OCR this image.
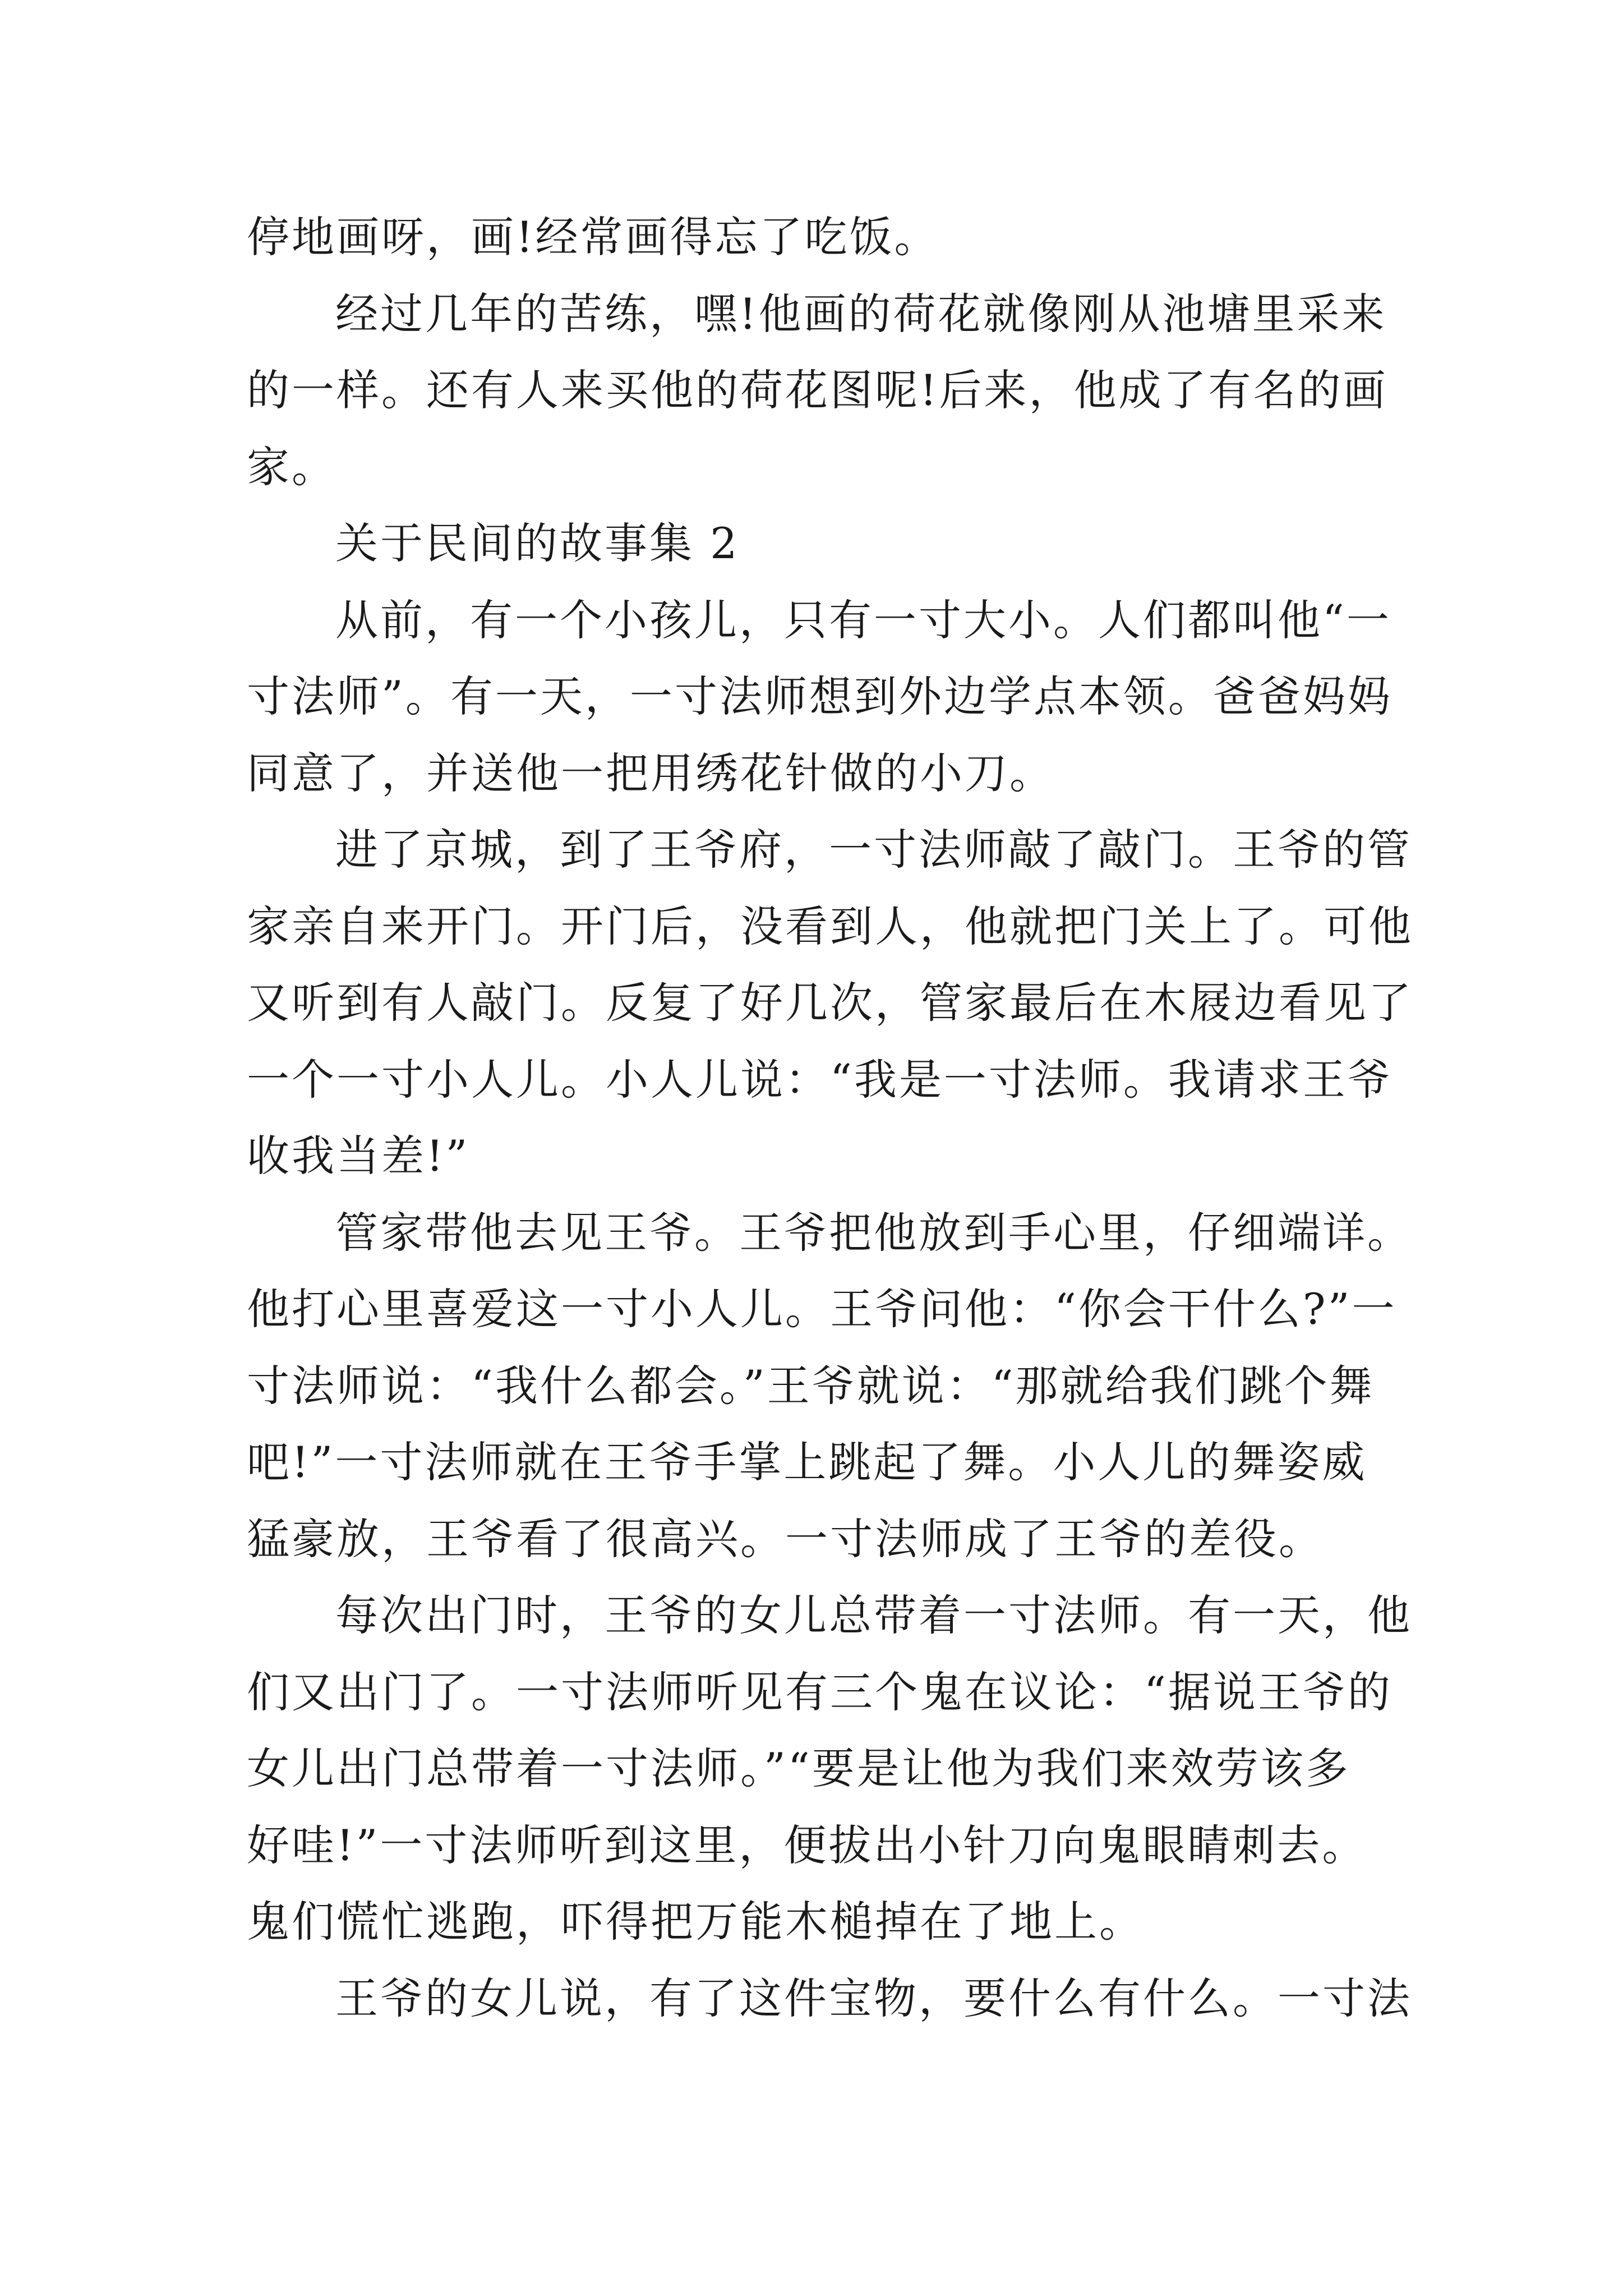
停地画呀，画!经常画得忘了吃饭。
经过几年的苦练，嘿!他画的荷花就像刚从池塘里采来
的一样。还有人来买他的荷花图呢!后来，他成了有名的画
家。
关于民间的故事集 2
从前，有一个小孩儿，只有一寸大小。人们都叫他“一
寸法师”。有一天，一寸法师想到外边学点本领。爸爸妈妈
同意了，并送他一把用绣花针做的小刀。
进了京城，到了王爷府，一寸法师敲了敲门。王爷的管
家亲自来开门。开门后，没看到人，他就把门关上了。可他
又听到有人敲门。反复了好几次，管家最后在木屐边看见了
一个一寸小人儿。小人儿说：“我是一寸法师。我请求王爷
收我当差!”
管家带他去见王爷。王爷把他放到手心里，仔细端详。
他打心里喜爱这一寸小人儿。王爷问他：“你会干什么?”一
寸法师说：“我什么都会。”王爷就说：“那就给我们跳个舞
吧!”一寸法师就在王爷手掌上跳起了舞。小人儿的舞姿威
猛豪放，王爷看了很高兴。一寸法师成了王爷的差役。
每次出门时，王爷的女儿总带着一寸法师。有一天，他
们又出门了。一寸法师听见有三个鬼在议论：“据说王爷的
女儿出门总带着一寸法师。”“要是让他为我们来效劳该多
好哇!”一寸法师听到这里，便拔出小针刀向鬼眼睛刺去。
鬼们慌忙逃跑，吓得把万能木槌掉在了地上。
王爷的女儿说，有了这件宝物，要什么有什么。一寸法
